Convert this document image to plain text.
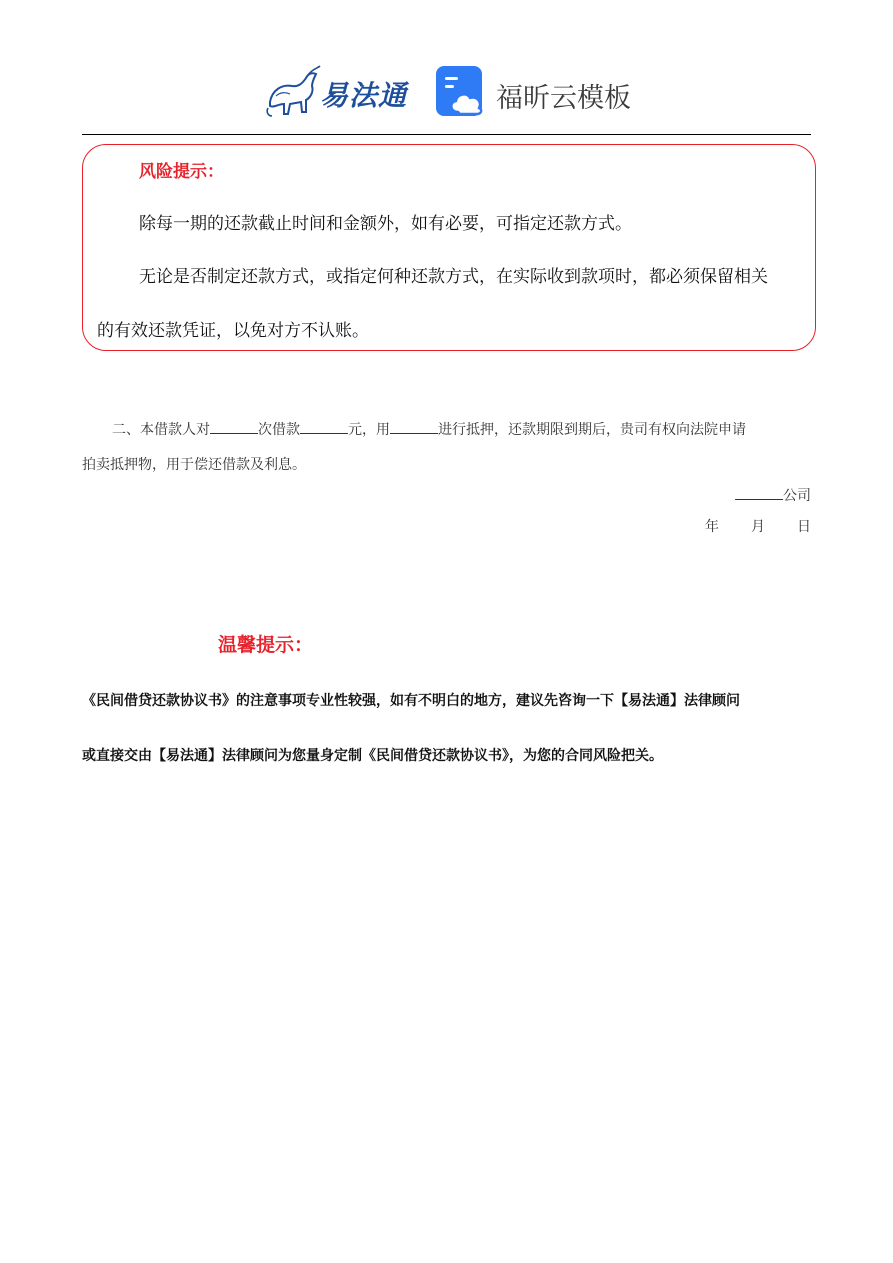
易法通	福昕云模板
风险提示：
除每一期的还款截止时间和金额外，如有必要，可指定还款方式。
无论是否制定还款方式，或指定何种还款方式，在实际收到款项时，都必须保留相关
的有效还款凭证，以免对方不认账。
二、本借款人对	次借款	元，用	进行抵押，还款期限到期后，贵司有权向法院申请
拍卖抵押物，用于偿还借款及利息。
公司
年 月 日
温馨提示：
《民间借贷还款协议书》的注意事项专业性较强，如有不明白的地方，建议先咨询一下【易法通】法律顾问
或直接交由【易法通】法律顾问为您量身定制《民间借贷还款协议书》，为您的合同风险把关。
